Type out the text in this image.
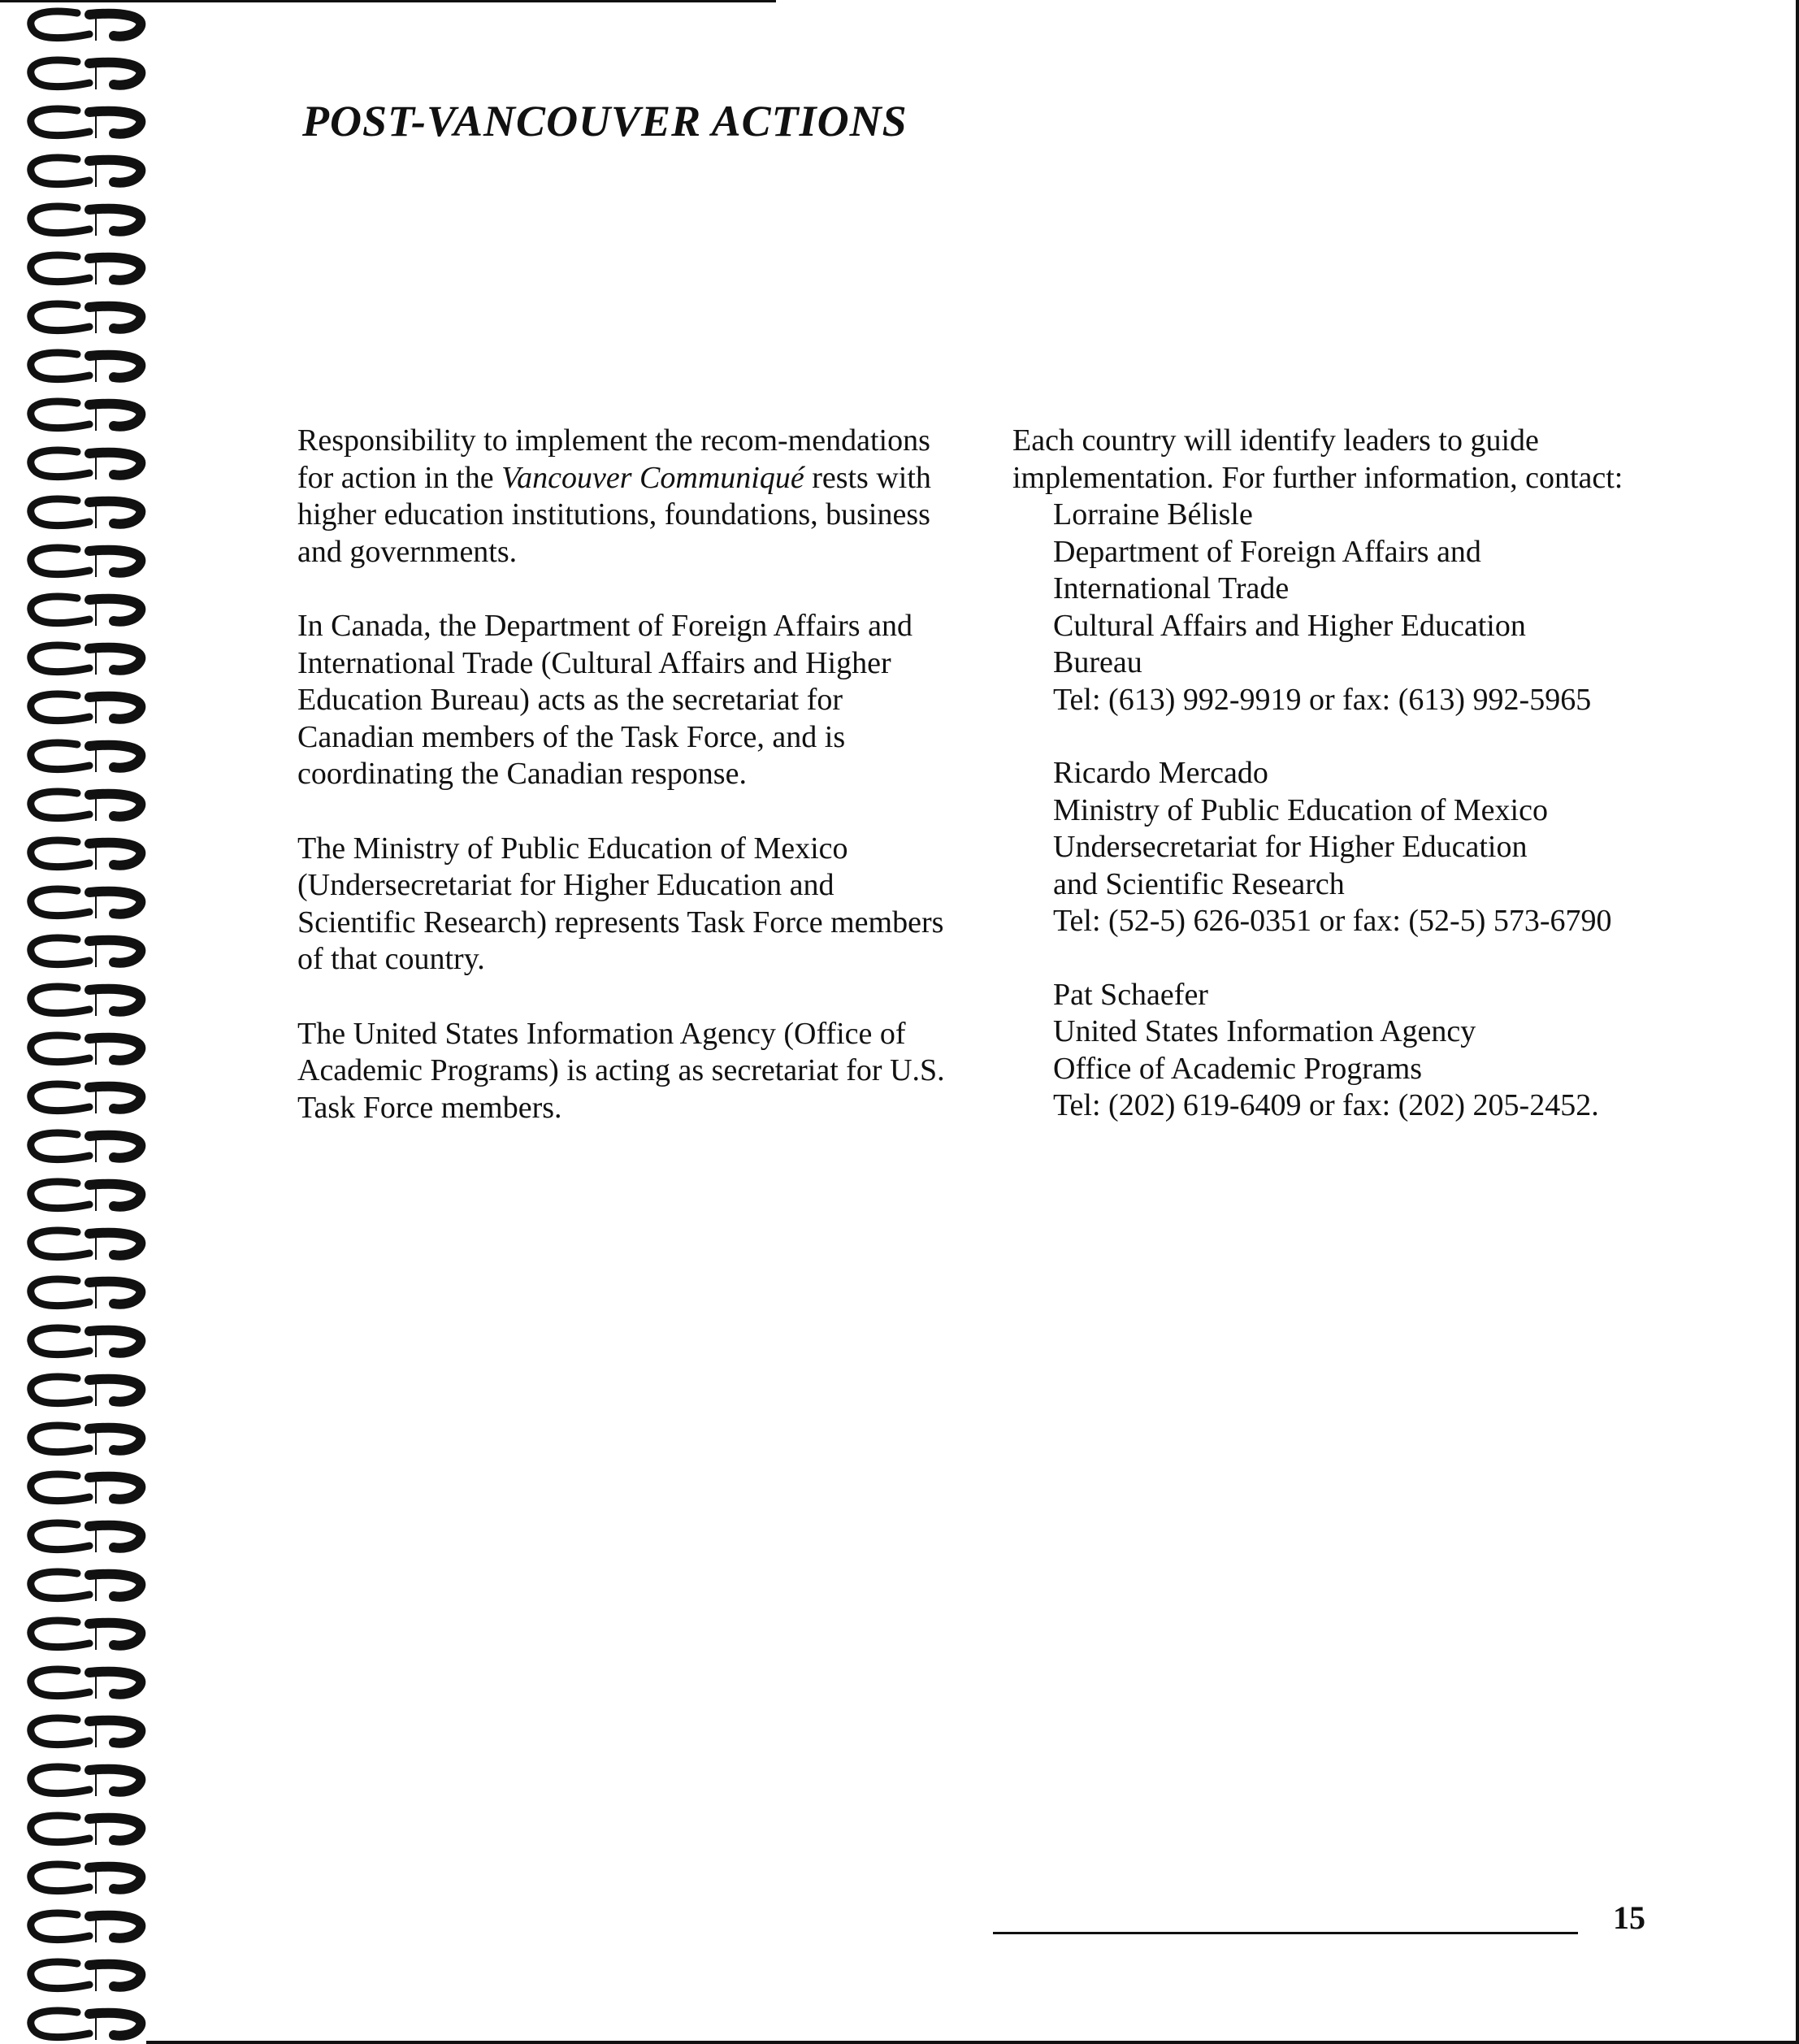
POST-VANCOUVER ACTIONS

Responsibility to implement the recom-mendations for action in the Vancouver Communiqué rests with higher education institutions, foundations, business and governments.

In Canada, the Department of Foreign Affairs and International Trade (Cultural Affairs and Higher Education Bureau) acts as the secretariat for Canadian members of the Task Force, and is coordinating the Canadian response.

The Ministry of Public Education of Mexico (Undersecretariat for Higher Education and Scientific Research) represents Task Force members of that country.

The United States Information Agency (Office of Academic Programs) is acting as secretariat for U.S. Task Force members.

Each country will identify leaders to guide implementation. For further information, contact:

Lorraine Bélisle
Department of Foreign Affairs and
International Trade
Cultural Affairs and Higher Education
Bureau
Tel: (613) 992-9919 or fax: (613) 992-5965
Ricardo Mercado
Ministry of Public Education of Mexico
Undersecretariat for Higher Education
and Scientific Research
Tel: (52-5) 626-0351 or fax: (52-5) 573-6790
Pat Schaefer
United States Information Agency
Office of Academic Programs
Tel: (202) 619-6409 or fax: (202) 205-2452.
15
